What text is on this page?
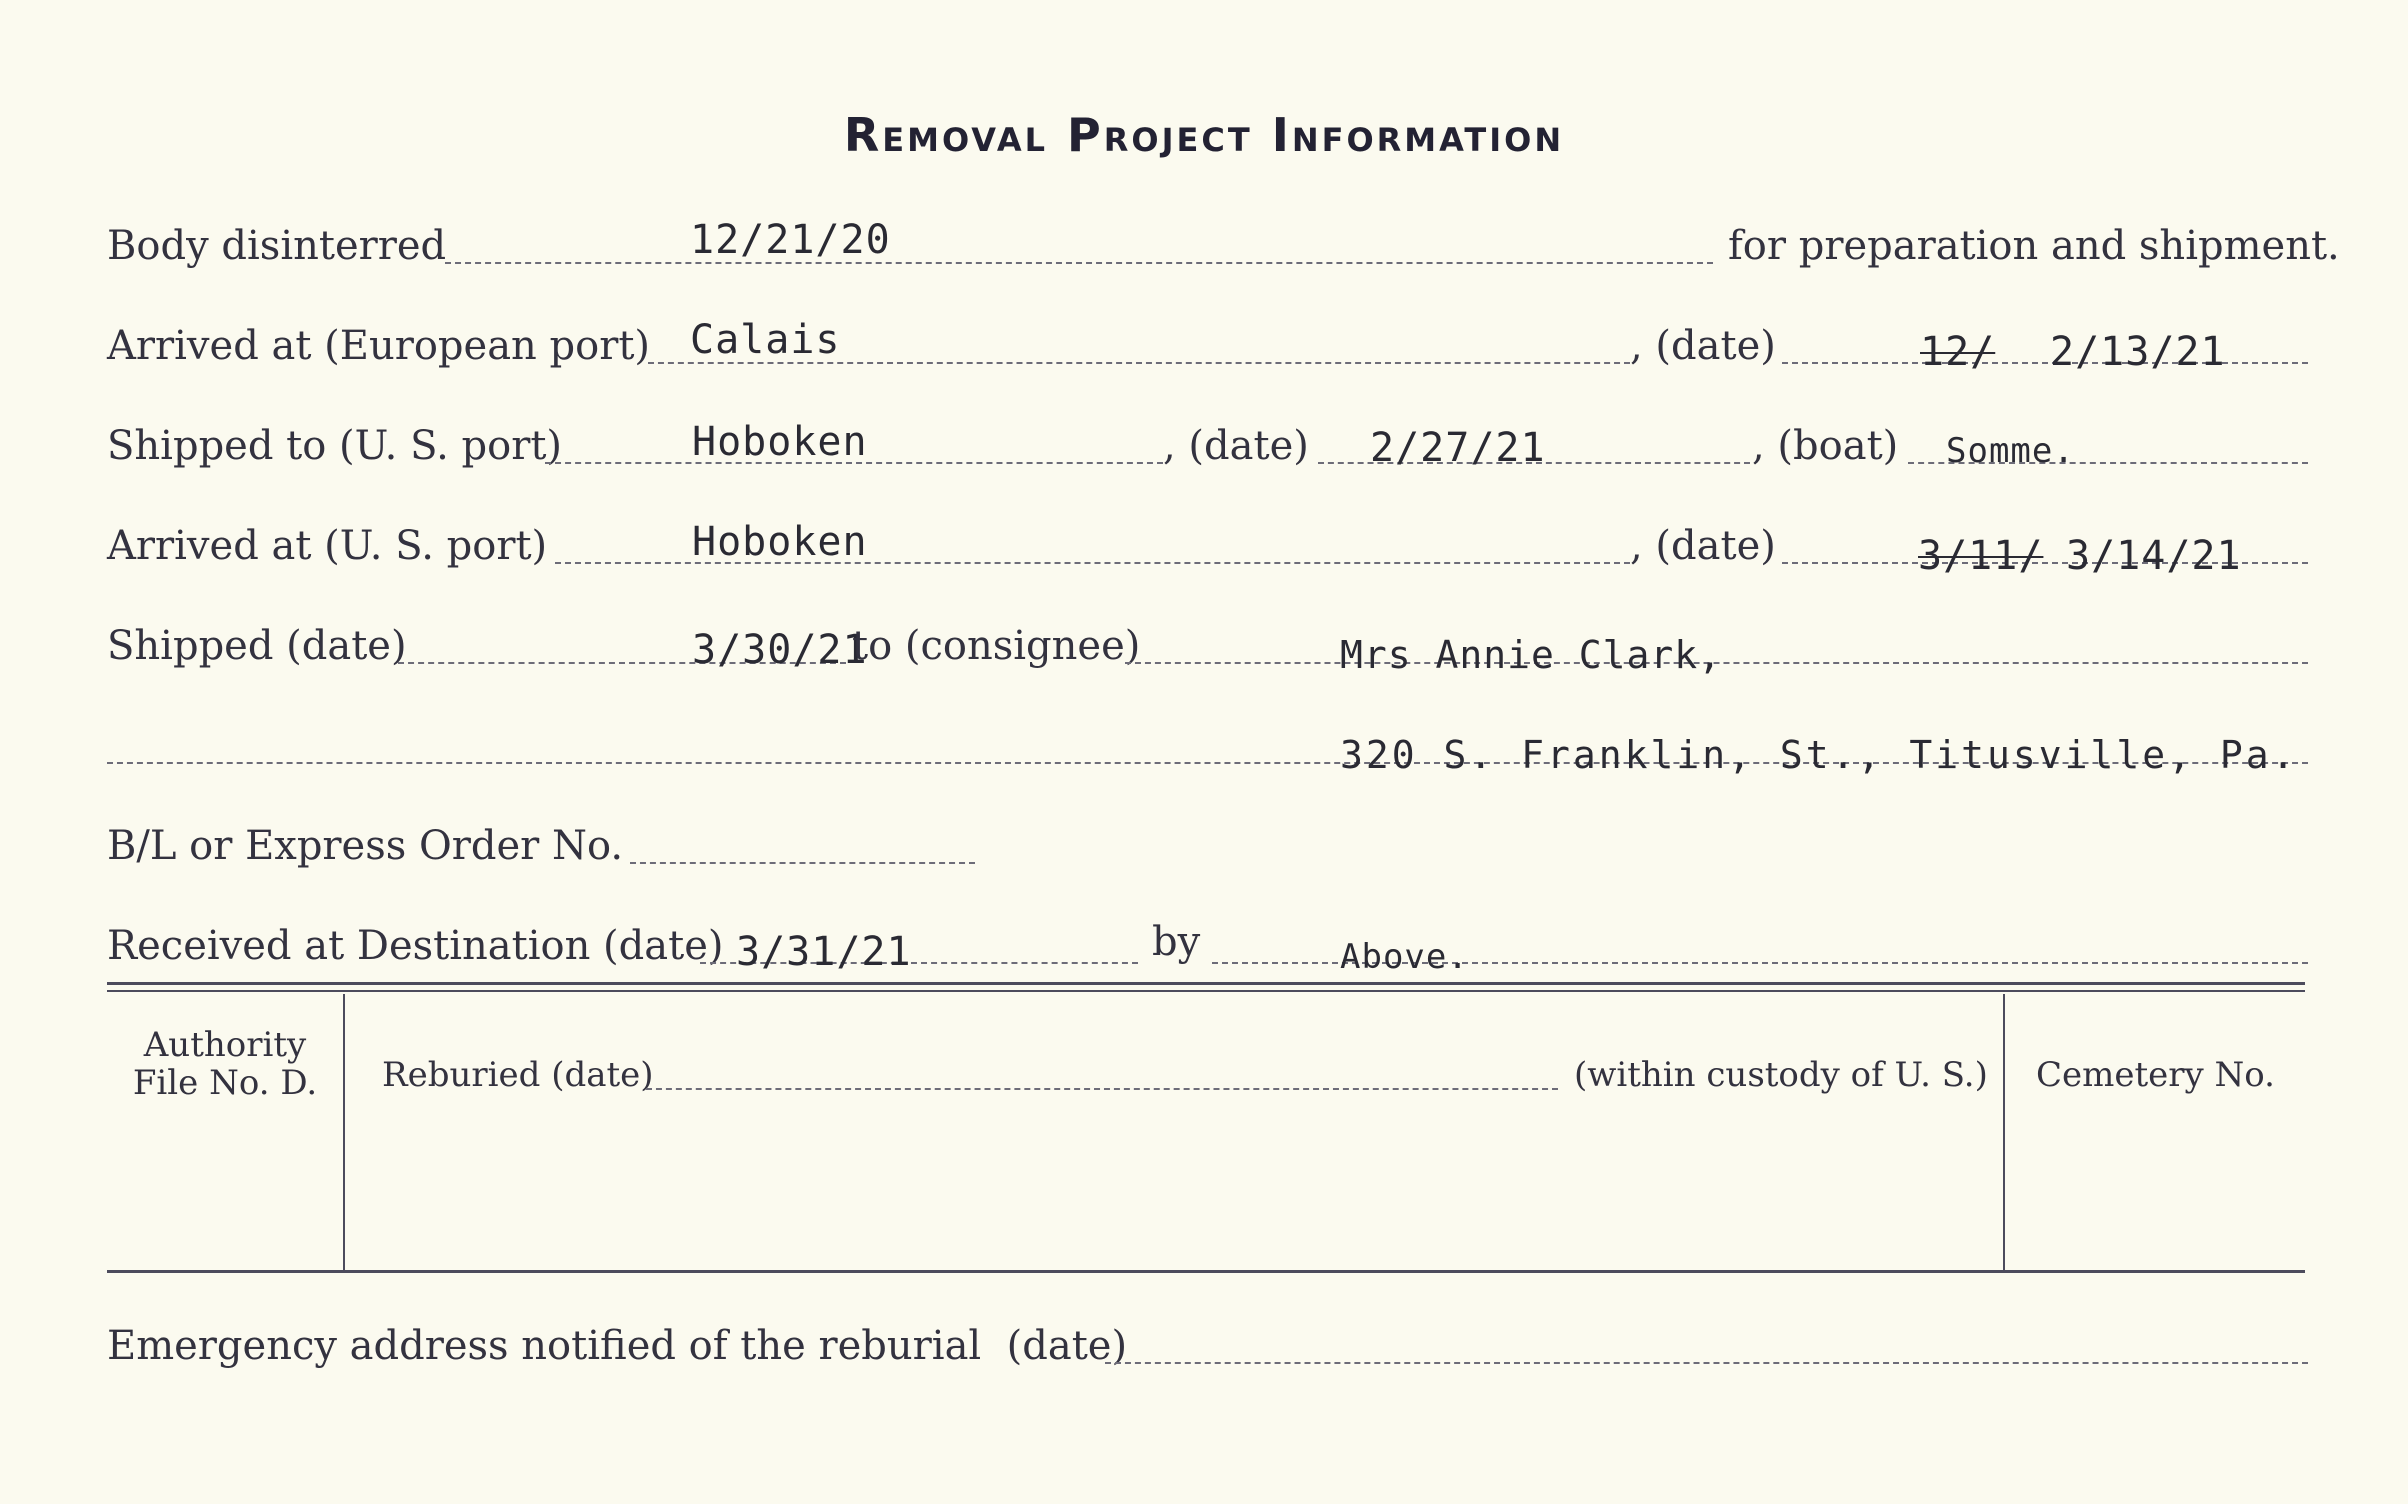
Removal Project Information
Body disinterred	12/21/20	for preparation and shipment.
Arrived at (European port) Calais	, (date)	12/ 2/13/21
Shipped to (U. S. port)	Hoboken	, (date) 2/27/21	, (boat) Somme.
Arrived at (U. S. port)	Hoboken	, (date)	3/11/ 3/14/21
Shipped (date)	3/30/21
to (consignee)	Mrs Annie Clark,
320 S. Franklin, St., Titusville, Pa.
B/L or Express Order No.
Received at Destination (date) 3/31/21	by	Above.
Authority
File No. D.	Reburied (date)	(within custody of U. S.)	Cemetery No.
Emergency address notified of the reburial  (date)
